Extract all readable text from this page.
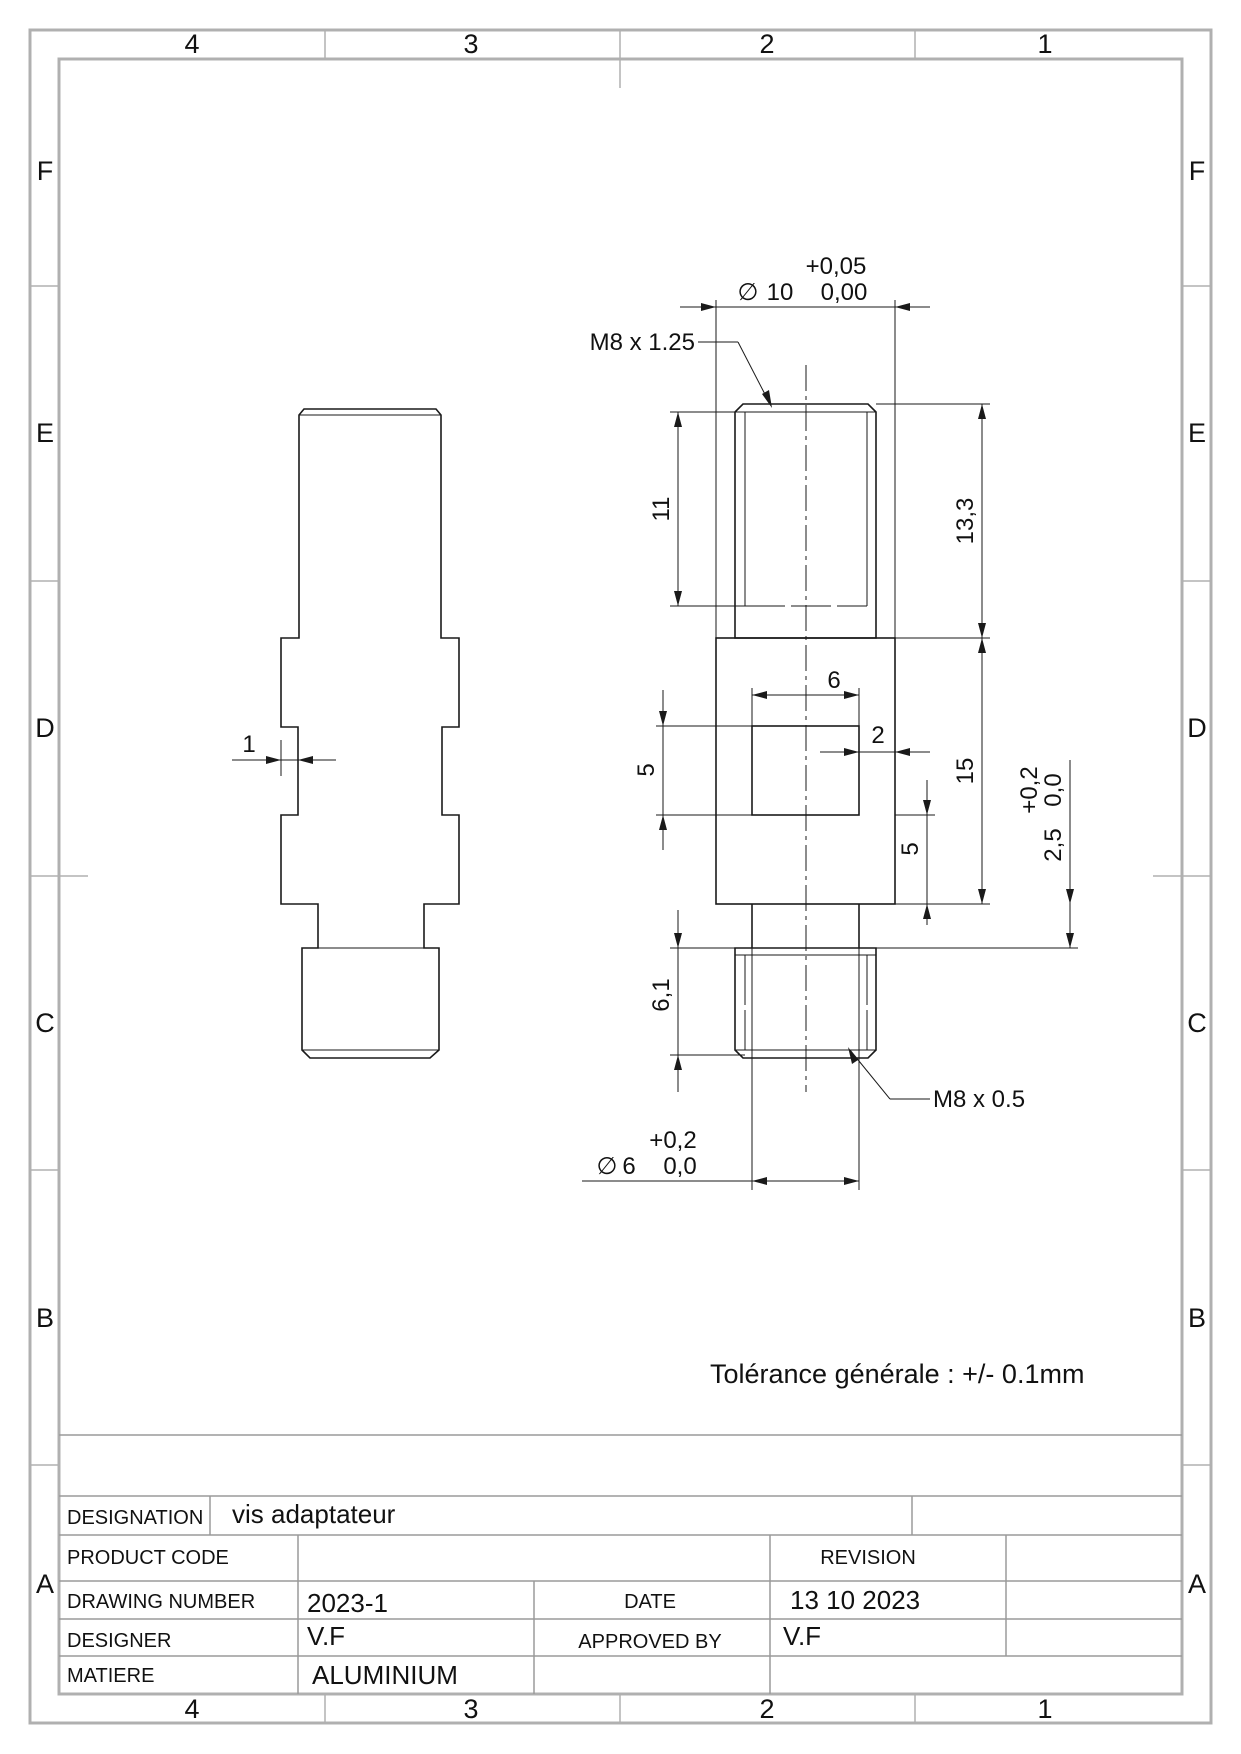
4	3	2	1
4	3	2	1
F
E
D
C
B
A
F
E
D
C
B
A
1
∅ 10
+0,05
0,00
M8 x 1.25
11	13,3
15
6
2
5
5	2,5
+0,2
0,0
6,1
M8 x 0.5
∅ 6
+0,2
0,0
Tolérance générale : +/- 0.1mm
DESIGNATION vis adaptateur
PRODUCT CODE	REVISION
DRAWING NUMBER 2023-1	DATE	13 10 2023
DESIGNER	V.F	APPROVED BY V.F
MATIERE	ALUMINIUM
